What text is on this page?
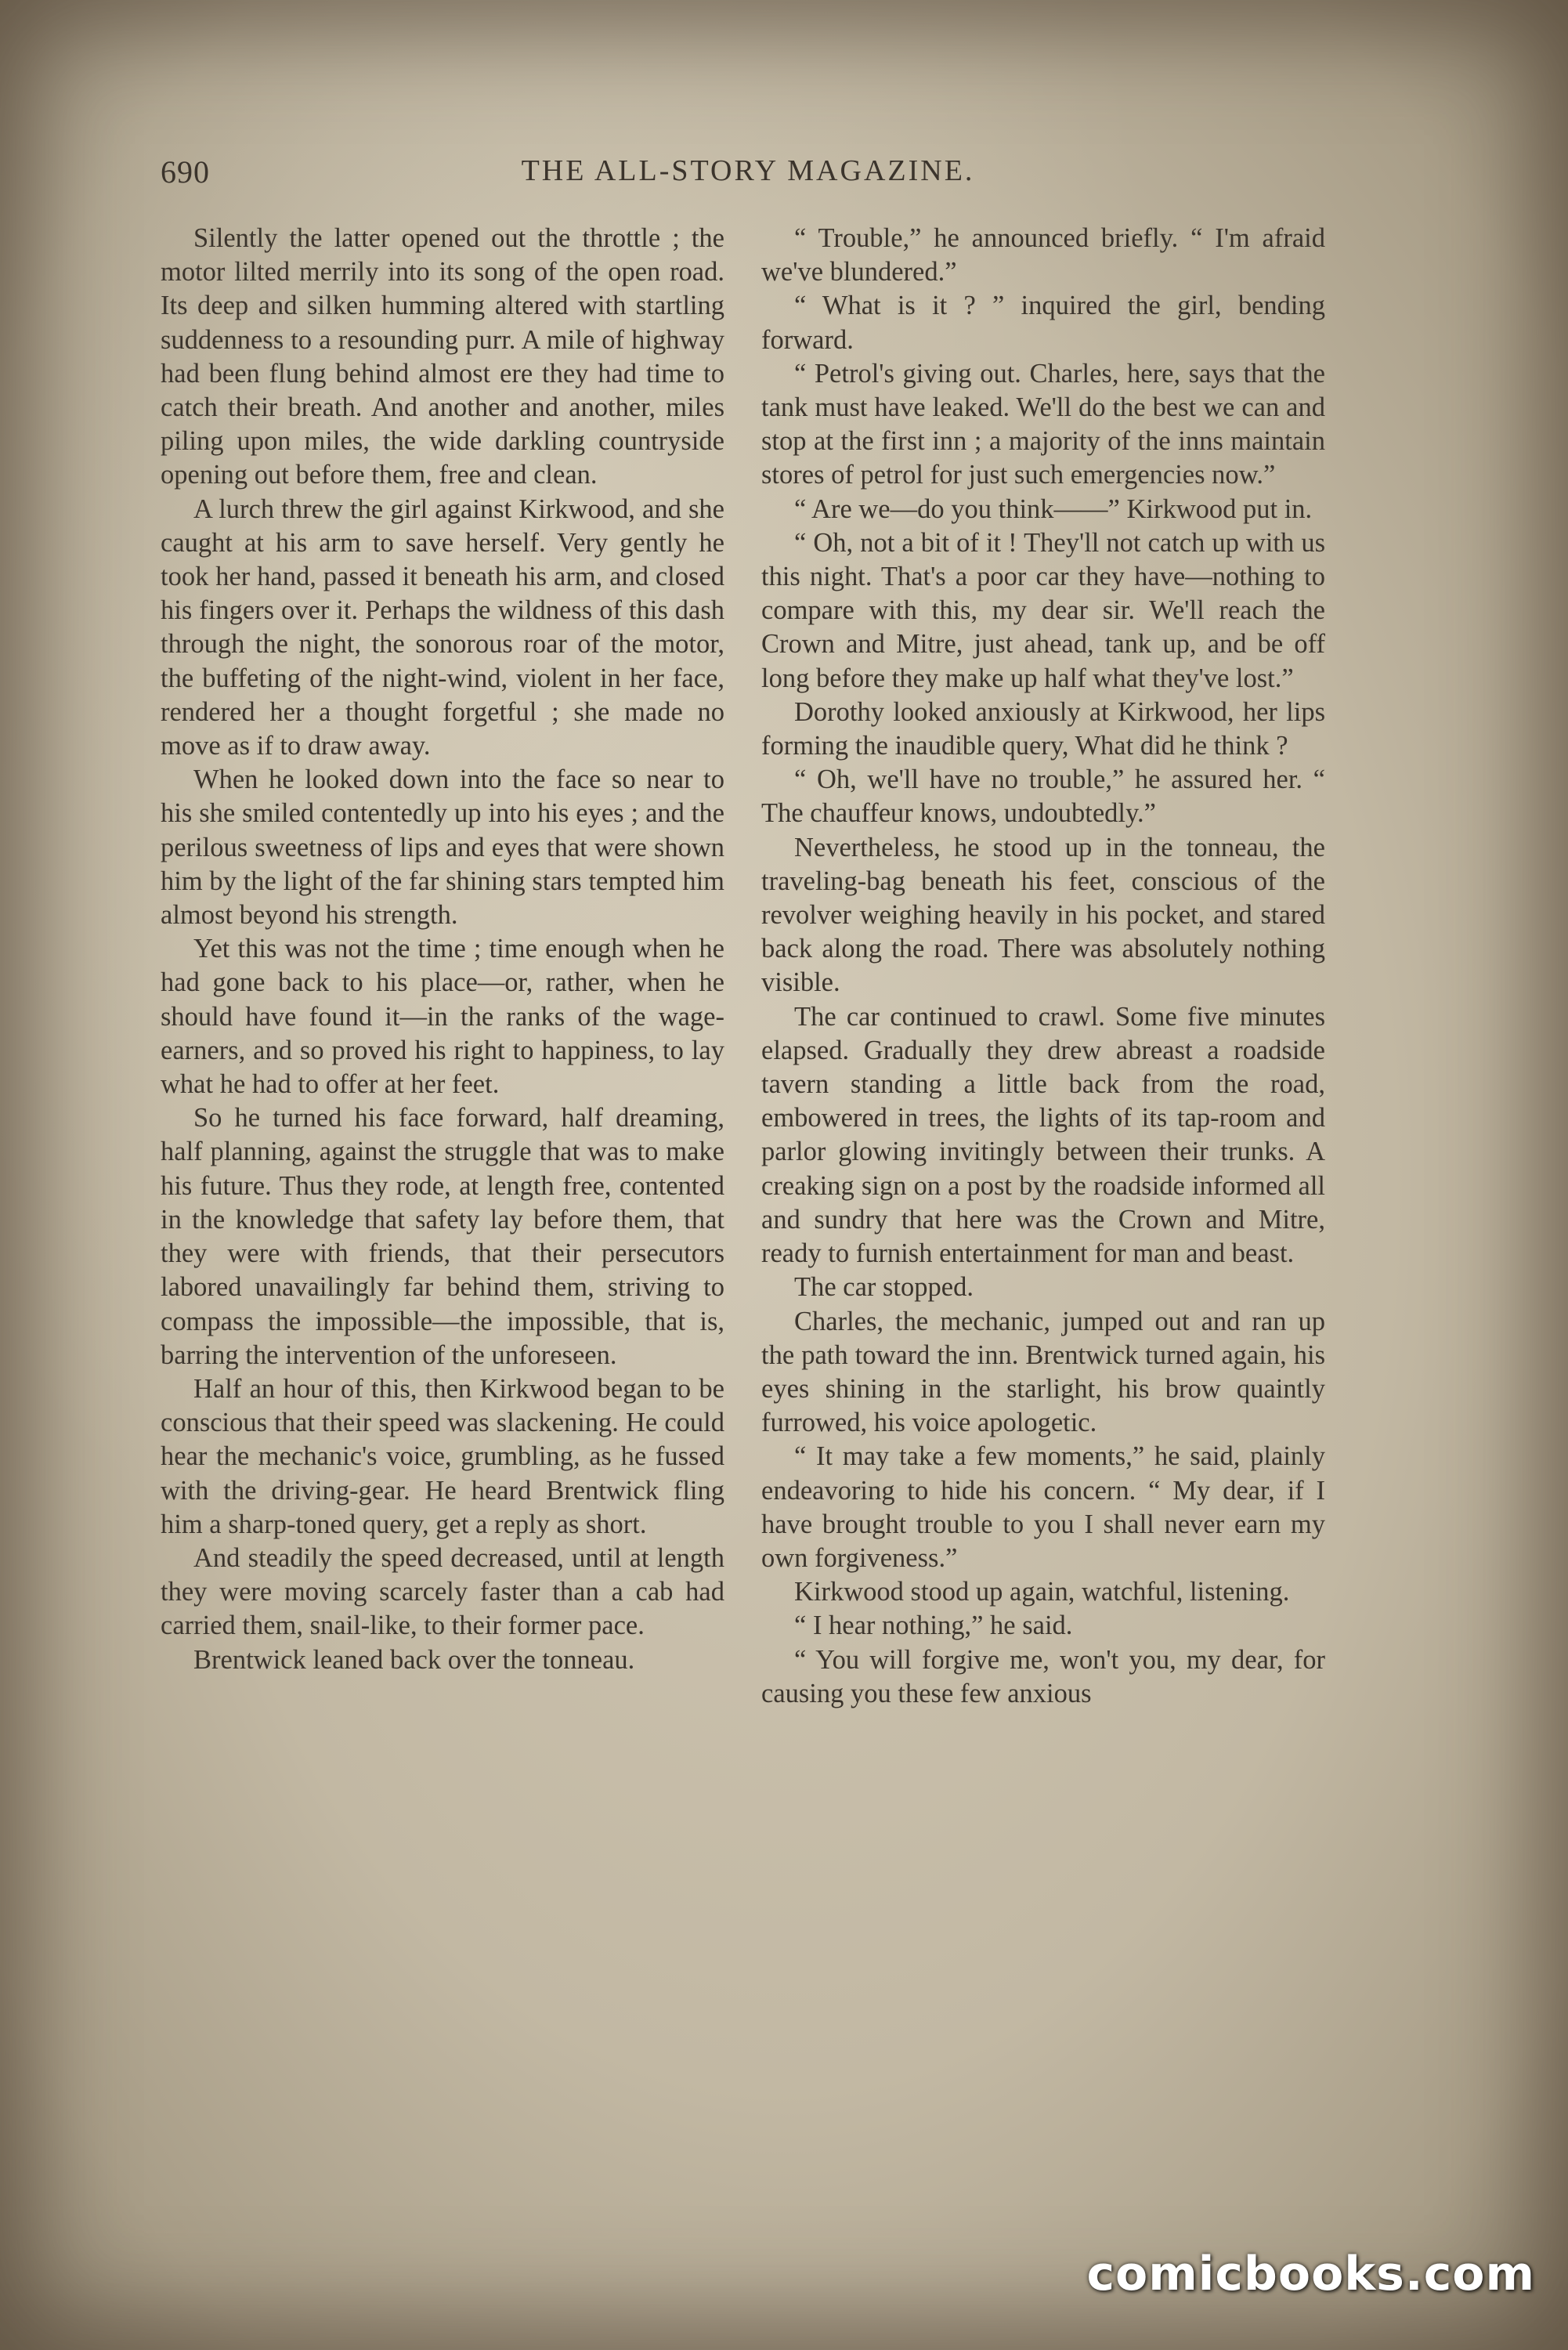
690	THE ALL-STORY MAGAZINE.

Silently the latter opened out the throttle ; the motor lilted merrily into its song of the open road. Its deep and silken humming altered with startling suddenness to a resounding purr. A mile of highway had been flung behind almost ere they had time to catch their breath. And another and another, miles piling upon miles, the wide darkling countryside opening out before them, free and clean.

A lurch threw the girl against Kirkwood, and she caught at his arm to save herself. Very gently he took her hand, passed it beneath his arm, and closed his fingers over it. Perhaps the wildness of this dash through the night, the sonorous roar of the motor, the buffeting of the night-wind, violent in her face, rendered her a thought forgetful ; she made no move as if to draw away.

When he looked down into the face so near to his she smiled contentedly up into his eyes ; and the perilous sweetness of lips and eyes that were shown him by the light of the far shining stars tempted him almost beyond his strength.

Yet this was not the time ; time enough when he had gone back to his place—or, rather, when he should have found it—in the ranks of the wage-earners, and so proved his right to happiness, to lay what he had to offer at her feet.

So he turned his face forward, half dreaming, half planning, against the struggle that was to make his future. Thus they rode, at length free, contented in the knowledge that safety lay before them, that they were with friends, that their persecutors labored unavailingly far behind them, striving to compass the impossible—the impossible, that is, barring the intervention of the unforeseen.

Half an hour of this, then Kirkwood began to be conscious that their speed was slackening. He could hear the mechanic's voice, grumbling, as he fussed with the driving-gear. He heard Brentwick fling him a sharp-toned query, get a reply as short.

And steadily the speed decreased, until at length they were moving scarcely faster than a cab had carried them, snail-like, to their former pace.

Brentwick leaned back over the tonneau.

“ Trouble,” he announced briefly. “ I'm afraid we've blundered.”

“ What is it ? ” inquired the girl, bending forward.

“ Petrol's giving out. Charles, here, says that the tank must have leaked. We'll do the best we can and stop at the first inn ; a majority of the inns maintain stores of petrol for just such emergencies now.”

“ Are we—do you think——” Kirkwood put in.

“ Oh, not a bit of it ! They'll not catch up with us this night. That's a poor car they have—nothing to compare with this, my dear sir. We'll reach the Crown and Mitre, just ahead, tank up, and be off long before they make up half what they've lost.”

Dorothy looked anxiously at Kirkwood, her lips forming the inaudible query, What did he think ?

“ Oh, we'll have no trouble,” he assured her. “ The chauffeur knows, undoubtedly.”

Nevertheless, he stood up in the tonneau, the traveling-bag beneath his feet, conscious of the revolver weighing heavily in his pocket, and stared back along the road. There was absolutely nothing visible.

The car continued to crawl. Some five minutes elapsed. Gradually they drew abreast a roadside tavern standing a little back from the road, embowered in trees, the lights of its tap-room and parlor glowing invitingly between their trunks. A creaking sign on a post by the roadside informed all and sundry that here was the Crown and Mitre, ready to furnish entertainment for man and beast.

The car stopped.

Charles, the mechanic, jumped out and ran up the path toward the inn. Brentwick turned again, his eyes shining in the starlight, his brow quaintly furrowed, his voice apologetic.

“ It may take a few moments,” he said, plainly endeavoring to hide his concern. “ My dear, if I have brought trouble to you I shall never earn my own forgiveness.”

Kirkwood stood up again, watchful, listening.

“ I hear nothing,” he said.

“ You will forgive me, won't you, my dear, for causing you these few anxious

comicbooks.com
